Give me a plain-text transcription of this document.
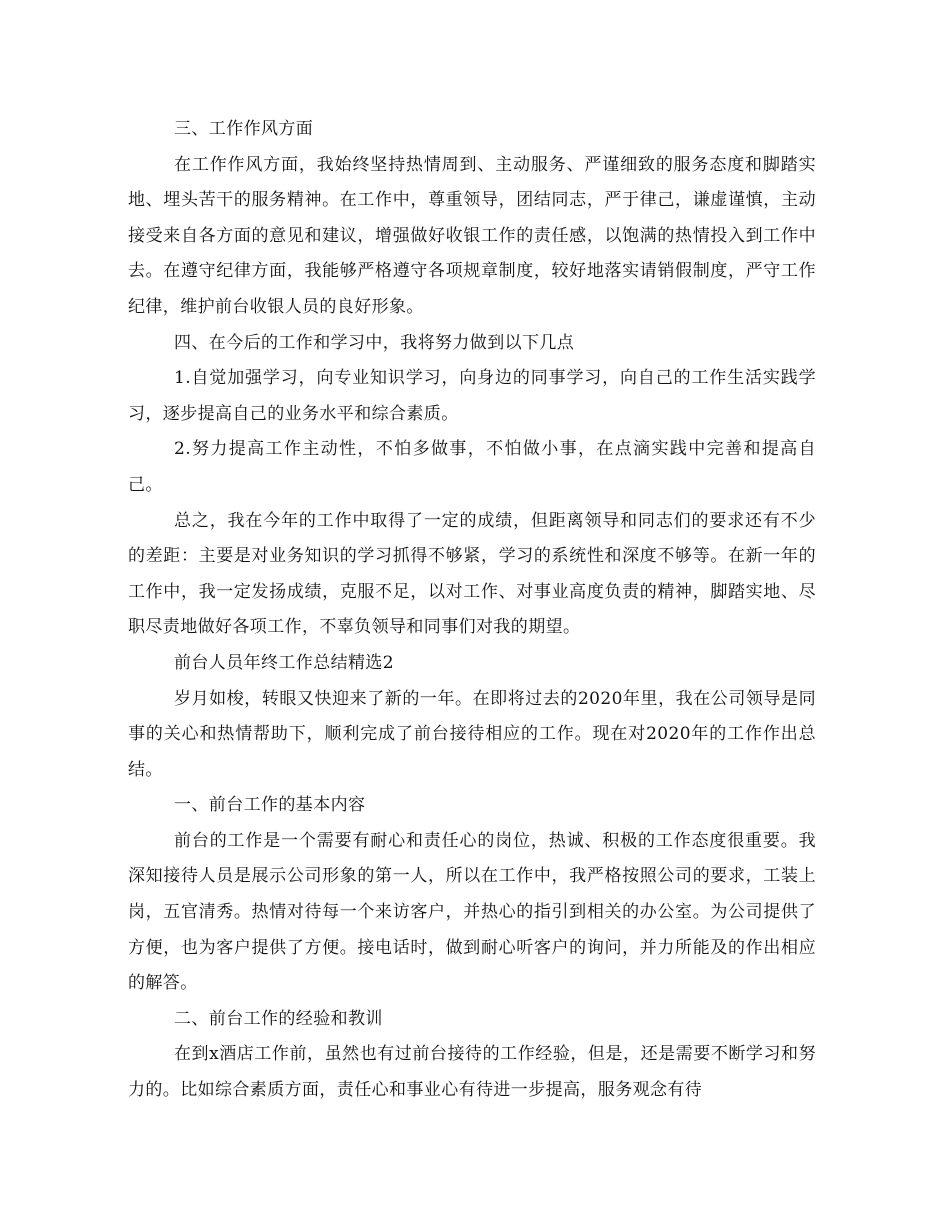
三、工作作风方面

在工作作风方面，我始终坚持热情周到、主动服务、严谨细致的服务态度和脚踏实地、埋头苦干的服务精神。在工作中，尊重领导，团结同志，严于律己，谦虚谨慎，主动接受来自各方面的意见和建议，增强做好收银工作的责任感，以饱满的热情投入到工作中去。在遵守纪律方面，我能够严格遵守各项规章制度，较好地落实请销假制度，严守工作纪律，维护前台收银人员的良好形象。

四、在今后的工作和学习中，我将努力做到以下几点

1.自觉加强学习，向专业知识学习，向身边的同事学习，向自己的工作生活实践学习，逐步提高自己的业务水平和综合素质。

2.努力提高工作主动性，不怕多做事，不怕做小事，在点滴实践中完善和提高自己。

总之，我在今年的工作中取得了一定的成绩，但距离领导和同志们的要求还有不少的差距：主要是对业务知识的学习抓得不够紧，学习的系统性和深度不够等。在新一年的工作中，我一定发扬成绩，克服不足，以对工作、对事业高度负责的精神，脚踏实地、尽职尽责地做好各项工作，不辜负领导和同事们对我的期望。

前台人员年终工作总结精选2

岁月如梭，转眼又快迎来了新的一年。在即将过去的2020年里，我在公司领导是同事的关心和热情帮助下，顺利完成了前台接待相应的工作。现在对2020年的工作作出总结。

一、前台工作的基本内容

前台的工作是一个需要有耐心和责任心的岗位，热诚、积极的工作态度很重要。我深知接待人员是展示公司形象的第一人，所以在工作中，我严格按照公司的要求，工装上岗，五官清秀。热情对待每一个来访客户，并热心的指引到相关的办公室。为公司提供了方便，也为客户提供了方便。接电话时，做到耐心听客户的询问，并力所能及的作出相应的解答。

二、前台工作的经验和教训

在到x酒店工作前，虽然也有过前台接待的工作经验，但是，还是需要不断学习和努力的。比如综合素质方面，责任心和事业心有待进一步提高，服务观念有待
